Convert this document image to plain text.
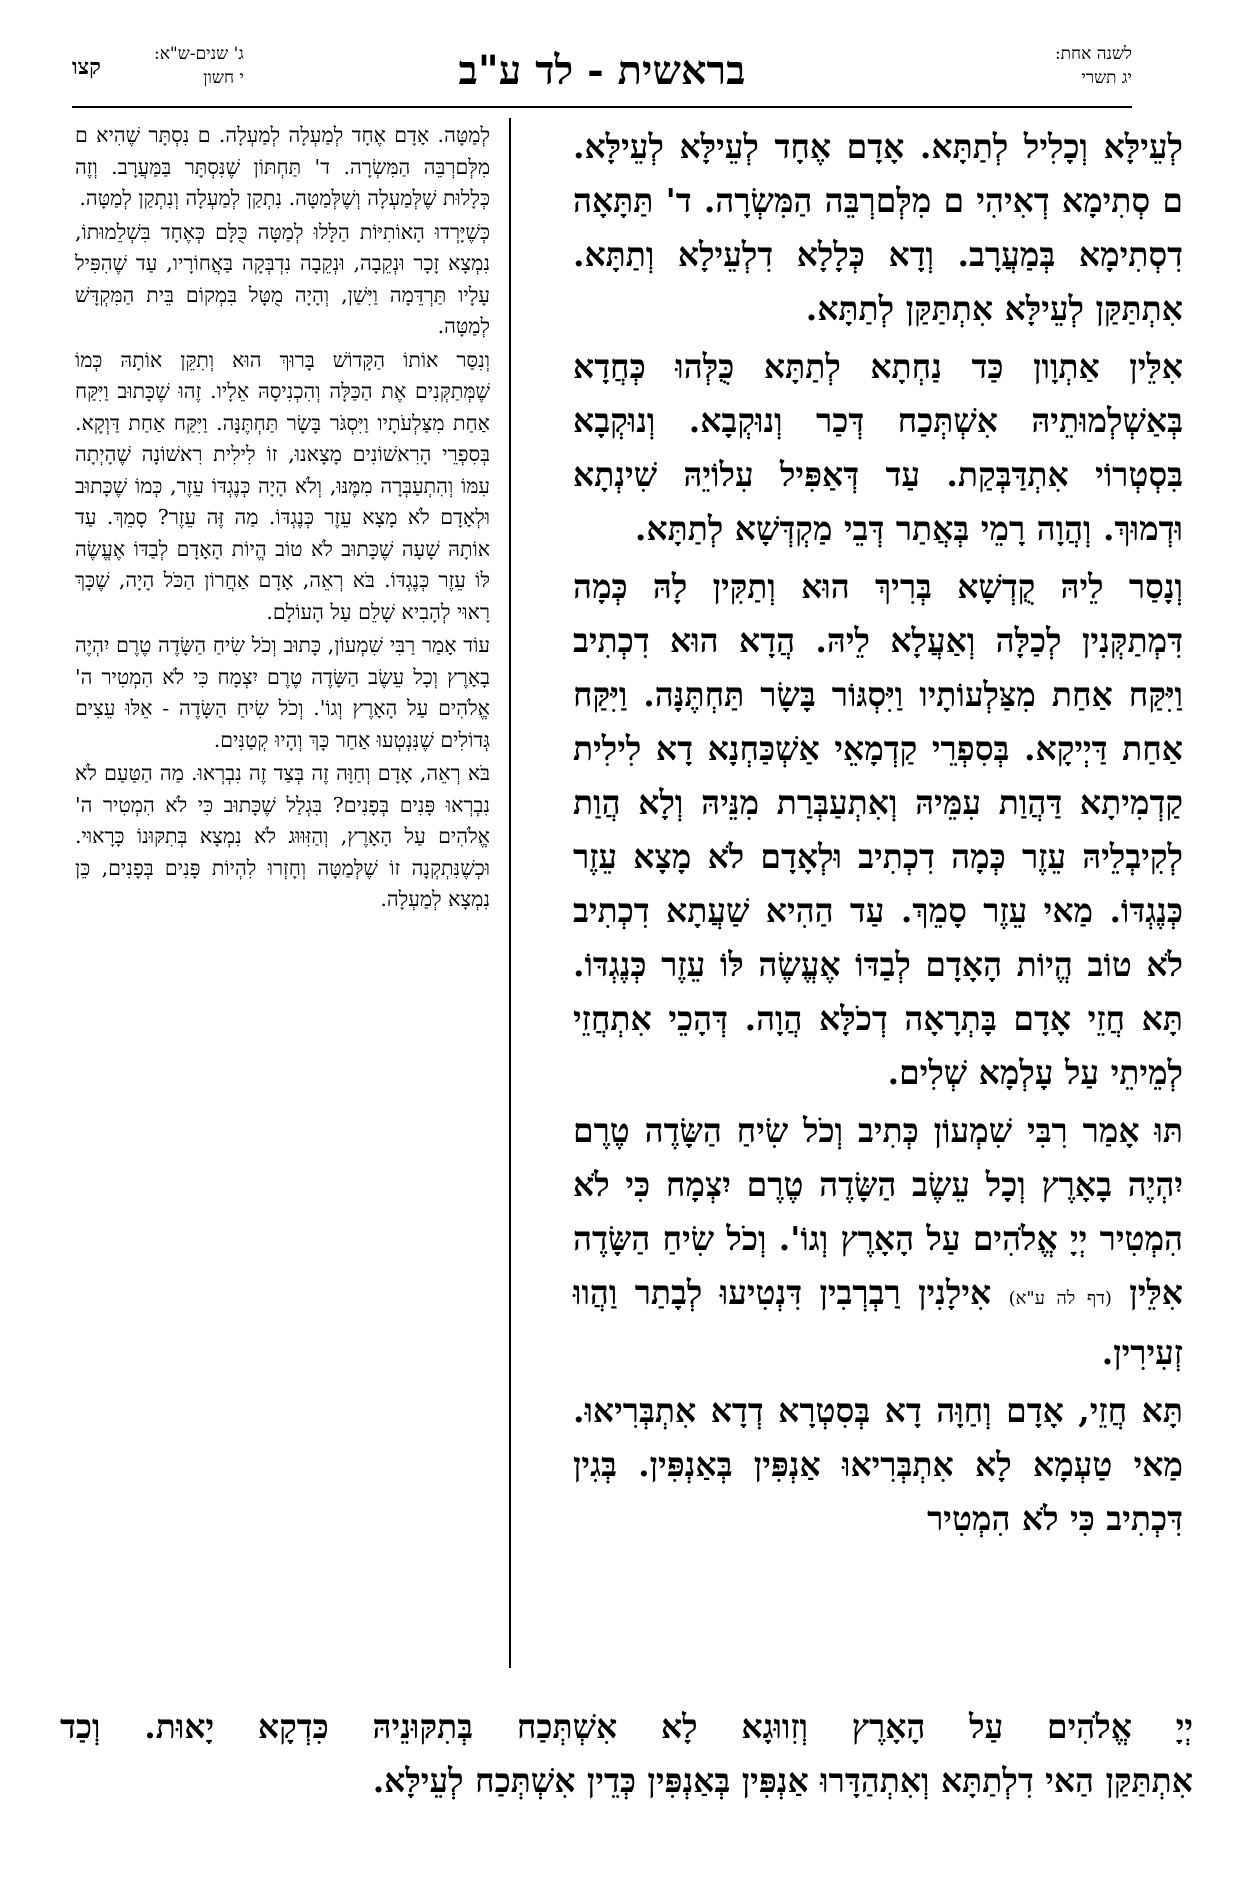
לשנה אחת:
יג תשרי
בראשית - לד ע"ב
ג' שנים-ש"א:
י חשון
קצו

לְעֵילָּא וְכָלִיל לְתַתָּא. אָדָם אֶחָד לְעֵילָּא לְעֵילָּא. ם סְתִימָא דְאִיהִי ם מִלְּםרְבֵּה הַמִּשְׂרָה. ד' תַּתָּאָה דִסְתִימָא בְּמַעֲרָב. וְדָא כְּלָלָא דִלְעֵילָא וְתַתָּא. אִתְתַּקַּן לְעֵילָּא אִתְתַּקַּן לְתַתָּא.

אִלֵּין אַתְוָון כַּד נַחְתָא לְתַתָּא כֻּלְּהוּ כְּחֲדָא בְּאַשְׁלְמוּתֵיהּ אִשְׁתְּכַח דְּכַר וְנוּקְבָא. וְנוּקְבָא בִּסְטְרוֹי אִתְדַּבְּקַת. עַד דְּאַפִּיל עִלוֹיֵהּ שִׁינְתָא וּדְמוּךְ. וְהֲוָה רָמֵי בְּאֲתַר דְּבֵי מַקְדְּשָׁא לְתַתָּא.

וְנָסַר לֵיהּ קֻדְשָׁא בְּרִיךְ הוּא וְתַקִּין לָהּ כְּמָה דִּמְתַקְּנִין לְכַלָּה וְאַעֲלָא לֵיהּ. הֲדָא הוּא דִכְתִיב וַיִּקַּח אַחַת מִצַּלְעוֹתָיו וַיִּסְגּוֹר בָּשָׂר תַּחְתֶּנָּה. וַיִּקַּח אַחַת דַּיְיקָא. בְּסִפְרֵי קַדְמָאֵי אַשְׁכַּחְנָא דָא לִילִית קַדְמִיתָא דַּהֲוַת עִמֵּיהּ וְאִתְעַבְּרַת מִנֵּיהּ וְלָא הֲוַת לְקִיבְלֵיהּ עֵזֶר כְּמָה דִכְתִיב וּלְאָדָם לֹא מָצָא עֵזֶר כְּנֶגְדּוֹ. מַאי עֵזֶר סָמֵךְ. עַד הַהִיא שַׁעֲתָא דִכְתִיב לֹא טוֹב הֱיוֹת הָאָדָם לְבַדּוֹ אֶעֱשֶׂה לּוֹ עֵזֶר כְּנֶגְדּוֹ. תָּא חֲזֵי אָדָם בָּתְרָאָה דְכֹלָּא הֲוָה. דְּהָכֵי אִתְחֲזֵי לְמֵיתֵי עַל עָלְמָא שְׁלִים.

תּוּ אָמַר רִבִּי שִׁמְעוֹן כְּתִיב וְכֹל שִׂיחַ הַשָּׂדֶה טֶרֶם יִהְיֶה בָאָרֶץ וְכָל עֵשֶׂב הַשָּׂדֶה טֶרֶם יִצְמָח כִּי לֹא הִמְטִיר יְיָ אֱלֹהִים עַל הָאָרֶץ וְגוֹ'. וְכֹל שִׂיחַ הַשָּׂדֶה אִלֵּין (דף לה ע"א) אִילָנִין רַבְרְבִין דִּנְטִיעוּ לְבָתַר וַהֲווּ זְעִירִין.

תָּא חֲזֵי, אָדָם וְחַוָּה דָא בְּסִטְרָא דְדָא אִתְבְּרִיאוּ. מַאי טַעְמָא לָא אִתְבְּרִיאוּ אַנְפִּין בְּאַנְפִּין. בְּגִין דִּכְתִיב כִּי לֹא הִמְטִיר

לְמַטָּה. אָדָם אֶחָד לְמַעְלָה לְמַעְלָה. ם נִסְתָּר שֶׁהִיא ם מִלְּםרְבֵּה הַמִּשְׂרָה. ד' תַּחְתּוֹן שֶׁנִּסְתָּר בַּמַּעֲרָב. וְזֶה כְּלָלוּת שֶׁלְּמַעְלָה וְשֶׁלְּמַטָּה. נִתְקַן לְמַעְלָה וְנִתְקַן לְמַטָּה.

כְּשֶׁיָּרְדוּ הָאוֹתִיּוֹת הַלָּלוּ לְמַטָּה כֻּלָּם כְּאֶחָד בִּשְׁלֵמוּתוֹ, נִמְצָא זָכָר וּנְקֵבָה, וּנְקֵבָה נִדְבְּקָה בַּאֲחוֹרָיו, עַד שֶׁהִפִּיל עָלָיו תַּרְדֵּמָה וַיִּשַׁן, וְהָיָה מֻטָּל בִּמְקוֹם בֵּית הַמִּקְדָּשׁ לְמַטָּה.

וְנִסַּר אוֹתוֹ הַקָּדוֹשׁ בָּרוּךְ הוּא וְתִקֵּן אוֹתָהּ כְּמוֹ שֶׁמְּתַקְּנִים אֶת הַכַּלָּה וְהִכְנִיסָהּ אֵלָיו. זֶהוּ שֶׁכָּתוּב וַיִּקַּח אַחַת מִצַּלְעֹתָיו וַיִּסְגֹּר בָּשָׂר תַּחְתֶּנָּה. וַיִּקַּח אַחַת דַּוְקָא. בְּסִפְרֵי הָרִאשׁוֹנִים מָצָאנוּ, זוֹ לִילִית רִאשׁוֹנָה שֶׁהָיְתָה עִמּוֹ וְהִתְעַבְּרָה מִמֶּנּוּ, וְלֹא הָיָה כְּנֶגְדּוֹ עֵזֶר, כְּמוֹ שֶׁכָּתוּב וּלְאָדָם לֹא מָצָא עֵזֶר כְּנֶגְדּוֹ. מַה זֶּה עֵזֶר? סָמֵךְ. עַד אוֹתָהּ שָׁעָה שֶׁכָּתוּב לֹא טוֹב הֱיוֹת הָאָדָם לְבַדּוֹ אֶעֱשֶׂה לּוֹ עֵזֶר כְּנֶגְדּוֹ. בֹּא רְאֵה, אָדָם אַחֲרוֹן הַכֹּל הָיָה, שֶׁכָּךְ רָאוּי לְהָבִיא שָׁלֵם עַל הָעוֹלָם.

עוֹד אָמַר רַבִּי שִׁמְעוֹן, כָּתוּב וְכֹל שִׂיחַ הַשָּׂדֶה טֶרֶם יִהְיֶה בָאָרֶץ וְכָל עֵשֶׂב הַשָּׂדֶה טֶרֶם יִצְמָח כִּי לֹא הִמְטִיר ה' אֱלֹהִים עַל הָאָרֶץ וְגוֹ'. וְכֹל שִׂיחַ הַשָּׂדֶה - אֵלּוּ עֵצִים גְּדוֹלִים שֶׁנִּנְטְעוּ אַחַר כָּךְ וְהָיוּ קְטַנִּים.

בֹּא רְאֵה, אָדָם וְחַוָּה זֶה בְּצַד זֶה נִבְרְאוּ. מַה הַטַּעַם לֹא נִבְרְאוּ פָּנִים בְּפָנִים? בִּגְלַל שֶׁכָּתוּב כִּי לֹא הִמְטִיר ה' אֱלֹהִים עַל הָאָרֶץ, וְהַזִּוּוּג לֹא נִמְצָא בְּתִקּוּנוֹ כָּרָאוּי. וּכְשֶׁנִּתְקְנָה זוֹ שֶׁלְּמַטָּה וְחָזְרוּ לִהְיוֹת פָּנִים בְּפָנִים, כֵּן נִמְצָא לְמַעְלָה.

יְיָ אֱלֹהִים עַל הָאָרֶץ וְזִווּגָא לָא אִשְׁתְּכַח בְּתִקּוּנֵיהּ כִּדְקָא יָאוּת. וְכַד

אִתְתַּקַּן הַאי דִלְתַתָּא וְאִתְהַדָּרוּ אַנְפִּין בְּאַנְפִּין כְּדֵין אִשְׁתְּכַח לְעֵילָּא.
